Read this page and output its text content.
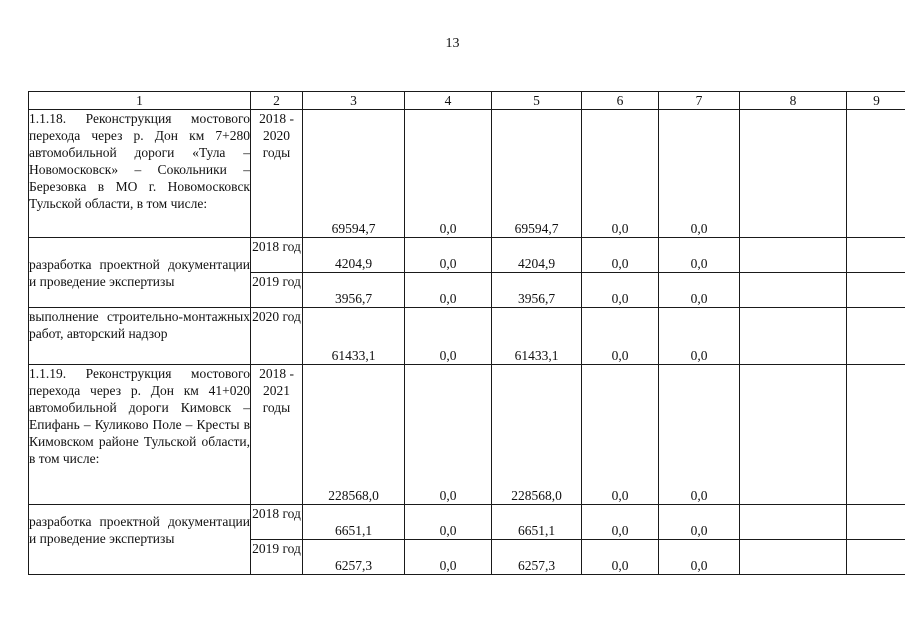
13
1	2	3	4	5	6	7	8	9
1.1.18. Реконструкция мостового перехода через р. Дон км 7+280 автомобильной дороги «Тула – Новомосковск» – Сокольники – Березовка в МО г. Новомосковск Тульской области, в том числе:	2018 - 2020 годы	69594,7	0,0	69594,7	0,0	0,0		
разработка проектной документации и проведение экспертизы	2018 год	4204,9	0,0	4204,9	0,0	0,0		
	2019 год	3956,7	0,0	3956,7	0,0	0,0		
выполнение строительно-монтажных работ, авторский надзор	2020 год	61433,1	0,0	61433,1	0,0	0,0		
1.1.19. Реконструкция мостового перехода через р. Дон км 41+020 автомобильной дороги Кимовск – Епифань – Куликово Поле – Кресты в Кимовском районе Тульской области, в том числе:	2018 - 2021 годы	228568,0	0,0	228568,0	0,0	0,0		
разработка проектной документации и проведение экспертизы	2018 год	6651,1	0,0	6651,1	0,0	0,0		
	2019 год	6257,3	0,0	6257,3	0,0	0,0		
